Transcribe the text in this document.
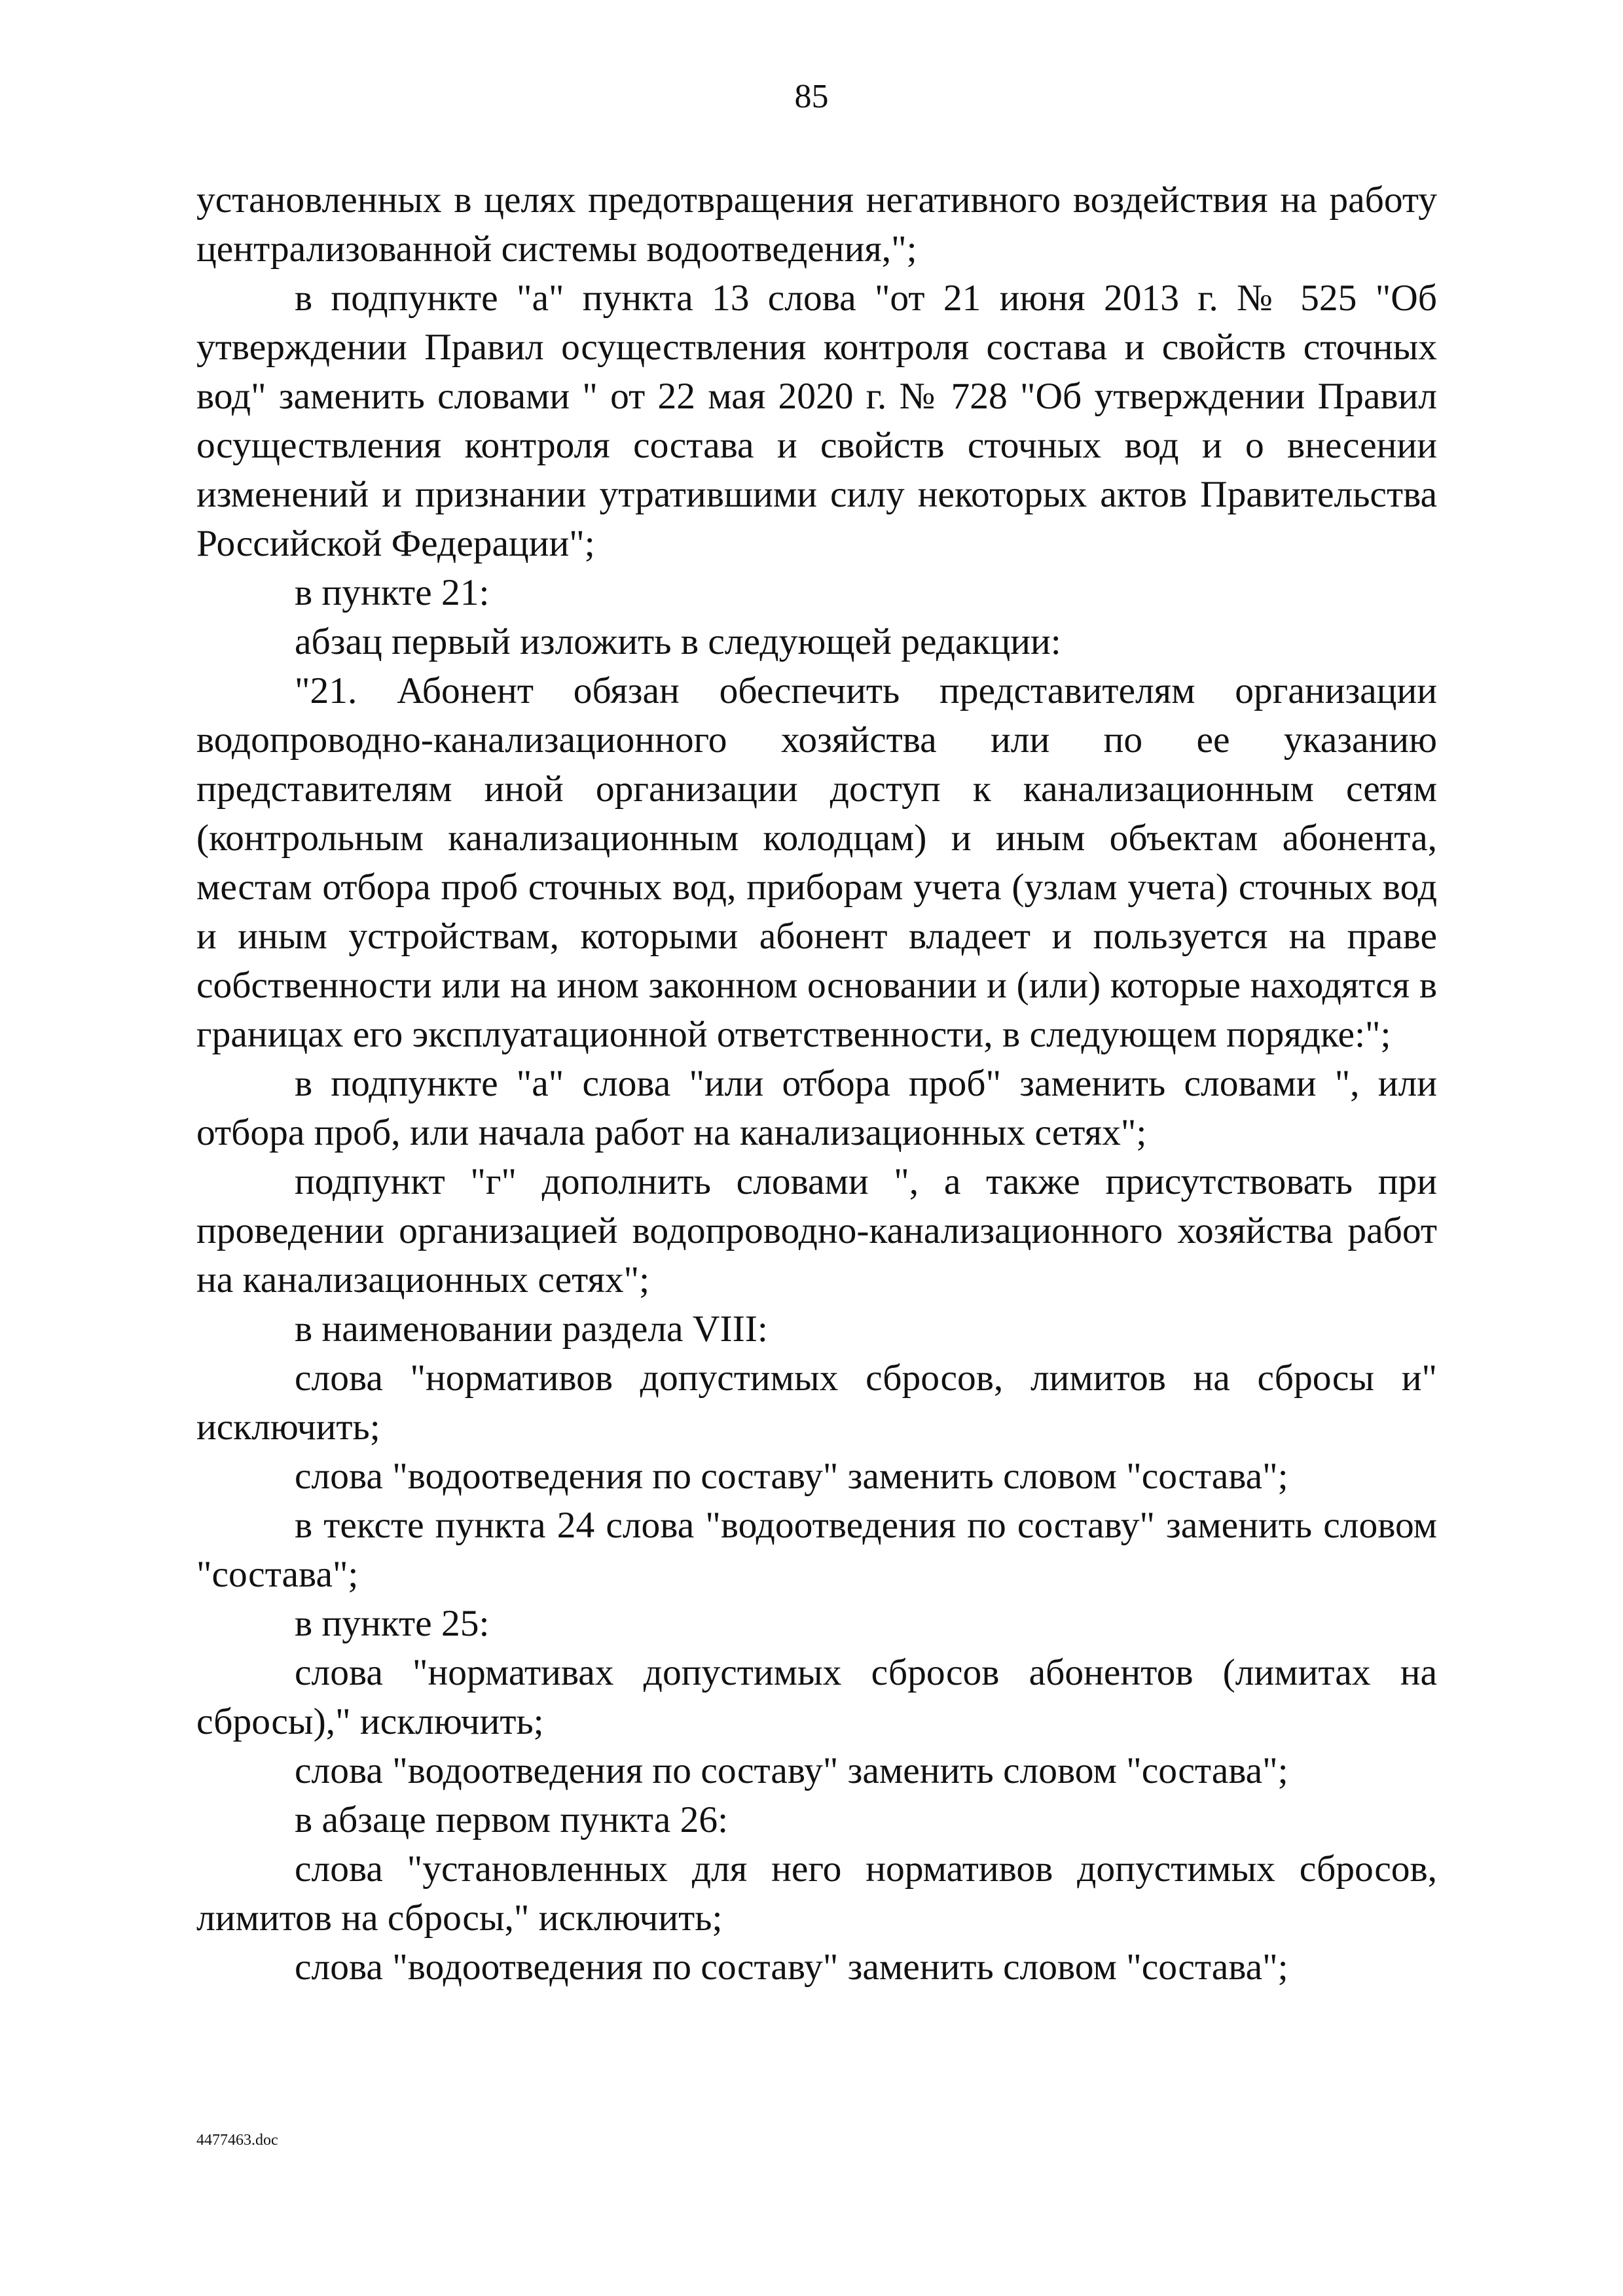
85

установленных в целях предотвращения негативного воздействия на работу централизованной системы водоотведения,";

в подпункте "а" пункта 13 слова "от 21 июня 2013 г. № 525 "Об утверждении Правил осуществления контроля состава и свойств сточных вод" заменить словами " от 22 мая 2020 г. № 728 "Об утверждении Правил осуществления контроля состава и свойств сточных вод и о внесении изменений и признании утратившими силу некоторых актов Правительства Российской Федерации";

в пункте 21:

абзац первый изложить в следующей редакции:

"21. Абонент обязан обеспечить представителям организации водопроводно-канализационного хозяйства или по ее указанию представителям иной организации доступ к канализационным сетям (контрольным канализационным колодцам) и иным объектам абонента, местам отбора проб сточных вод, приборам учета (узлам учета) сточных вод и иным устройствам, которыми абонент владеет и пользуется на праве собственности или на ином законном основании и (или) которые находятся в границах его эксплуатационной ответственности, в следующем порядке:";

в подпункте "а" слова "или отбора проб" заменить словами ", или отбора проб, или начала работ на канализационных сетях";

подпункт "г" дополнить словами ", а также присутствовать при проведении организацией водопроводно-канализационного хозяйства работ на канализационных сетях";

в наименовании раздела VIII:

слова "нормативов допустимых сбросов, лимитов на сбросы и" исключить;

слова "водоотведения по составу" заменить словом "состава";

в тексте пункта 24 слова "водоотведения по составу" заменить словом "состава";

в пункте 25:

слова "нормативах допустимых сбросов абонентов (лимитах на сбросы)," исключить;

слова "водоотведения по составу" заменить словом "состава";

в абзаце первом пункта 26:

слова "установленных для него нормативов допустимых сбросов, лимитов на сбросы," исключить;

слова "водоотведения по составу" заменить словом "состава";

4477463.doc
